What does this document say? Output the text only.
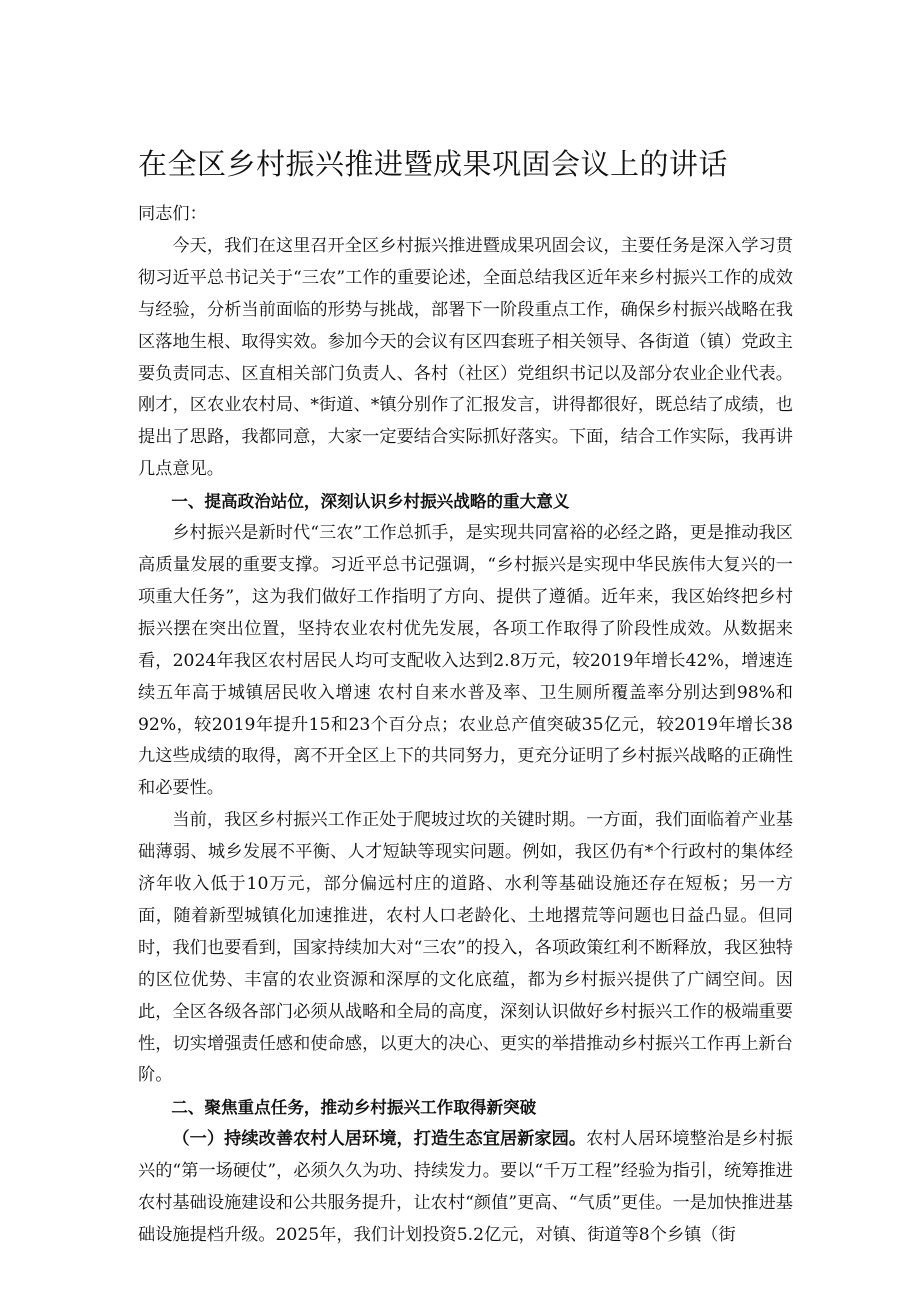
在全区乡村振兴推进暨成果巩固会议上的讲话

同志们：

今天，我们在这里召开全区乡村振兴推进暨成果巩固会议，主要任务是深入学习贯彻习近平总书记关于“三农”工作的重要论述，全面总结我区近年来乡村振兴工作的成效与经验，分析当前面临的形势与挑战，部署下一阶段重点工作，确保乡村振兴战略在我区落地生根、取得实效。参加今天的会议有区四套班子相关领导、各街道（镇）党政主要负责同志、区直相关部门负责人、各村（社区）党组织书记以及部分农业企业代表。刚才，区农业农村局、*街道、*镇分别作了汇报发言，讲得都很好，既总结了成绩，也提出了思路，我都同意，大家一定要结合实际抓好落实。下面，结合工作实际，我再讲几点意见。

一、提高政治站位，深刻认识乡村振兴战略的重大意义

乡村振兴是新时代“三农”工作总抓手，是实现共同富裕的必经之路，更是推动我区高质量发展的重要支撑。习近平总书记强调，“乡村振兴是实现中华民族伟大复兴的一项重大任务”，这为我们做好工作指明了方向、提供了遵循。近年来，我区始终把乡村振兴摆在突出位置，坚持农业农村优先发展，各项工作取得了阶段性成效。从数据来看，2024年我区农村居民人均可支配收入达到2.8万元，较2019年增长42%，增速连续五年高于城镇居民收入增速 农村自来水普及率、卫生厕所覆盖率分别达到98%和92%，较2019年提升15和23个百分点；农业总产值突破35亿元，较2019年增长38九这些成绩的取得，离不开全区上下的共同努力，更充分证明了乡村振兴战略的正确性和必要性。

当前，我区乡村振兴工作正处于爬坡过坎的关键时期。一方面，我们面临着产业基础薄弱、城乡发展不平衡、人才短缺等现实问题。例如，我区仍有*个行政村的集体经济年收入低于10万元，部分偏远村庄的道路、水利等基础设施还存在短板；另一方面，随着新型城镇化加速推进，农村人口老龄化、土地撂荒等问题也日益凸显。但同时，我们也要看到，国家持续加大对“三农”的投入，各项政策红利不断释放，我区独特的区位优势、丰富的农业资源和深厚的文化底蕴，都为乡村振兴提供了广阔空间。因此，全区各级各部门必须从战略和全局的高度，深刻认识做好乡村振兴工作的极端重要性，切实增强责任感和使命感，以更大的决心、更实的举措推动乡村振兴工作再上新台阶。

二、聚焦重点任务，推动乡村振兴工作取得新突破

（一）持续改善农村人居环境，打造生态宜居新家园。农村人居环境整治是乡村振兴的“第一场硬仗”，必须久久为功、持续发力。要以“千万工程”经验为指引，统筹推进农村基础设施建设和公共服务提升，让农村“颜值”更高、“气质”更佳。一是加快推进基础设施提档升级。2025年，我们计划投资5.2亿元，对镇、街道等8个乡镇（街
